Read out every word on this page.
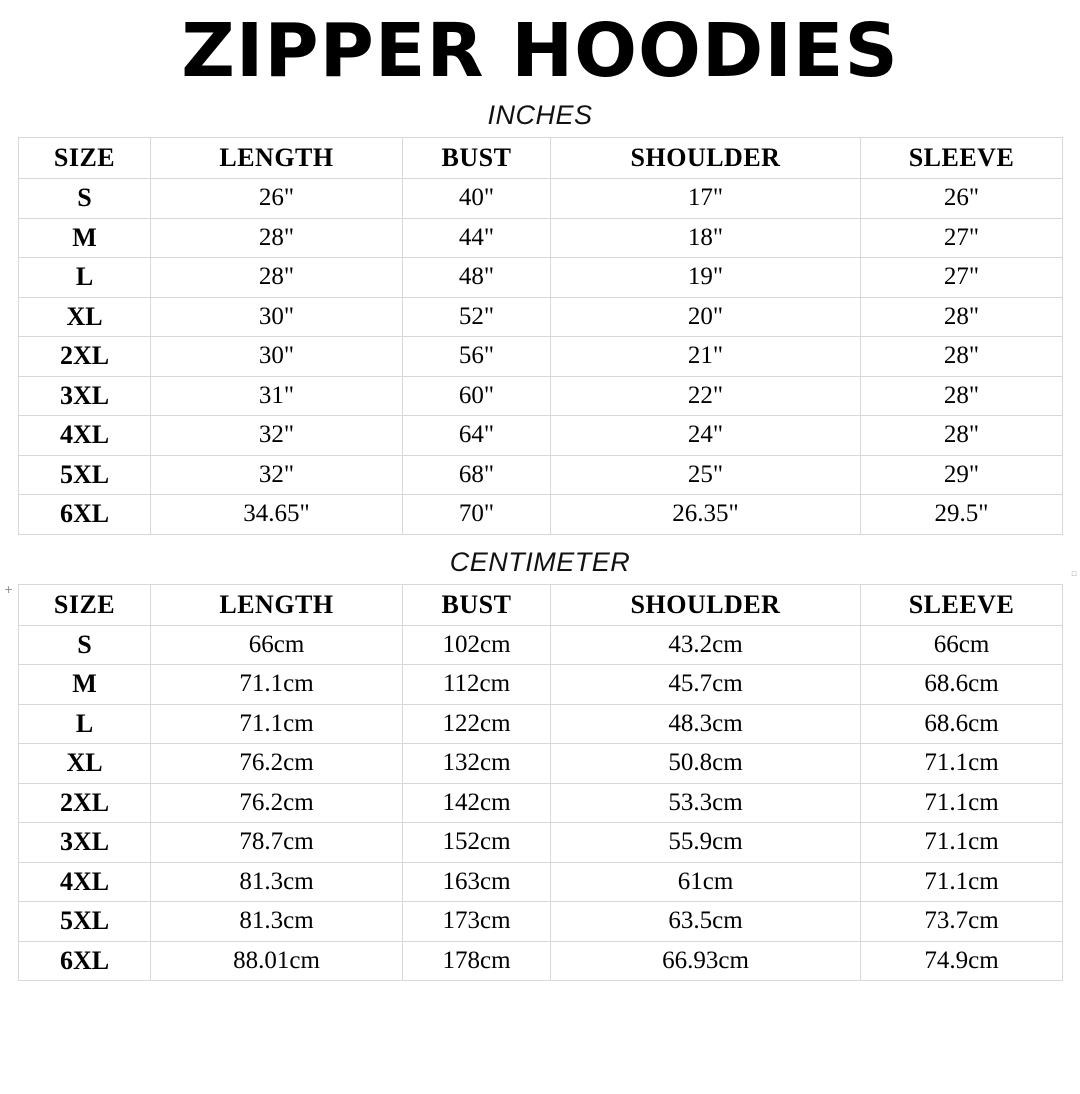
ZIPPER HOODIES
INCHES
SIZE	LENGTH	BUST	SHOULDER	SLEEVE
S	26"	40"	17"	26"
M	28"	44"	18"	27"
L	28"	48"	19"	27"
XL	30"	52"	20"	28"
2XL	30"	56"	21"	28"
3XL	31"	60"	22"	28"
4XL	32"	64"	24"	28"
5XL	32"	68"	25"	29"
6XL	34.65"	70"	26.35"	29.5"
+
▫
CENTIMETER
SIZE	LENGTH	BUST	SHOULDER	SLEEVE
S	66cm	102cm	43.2cm	66cm
M	71.1cm	112cm	45.7cm	68.6cm
L	71.1cm	122cm	48.3cm	68.6cm
XL	76.2cm	132cm	50.8cm	71.1cm
2XL	76.2cm	142cm	53.3cm	71.1cm
3XL	78.7cm	152cm	55.9cm	71.1cm
4XL	81.3cm	163cm	61cm	71.1cm
5XL	81.3cm	173cm	63.5cm	73.7cm
6XL	88.01cm	178cm	66.93cm	74.9cm
